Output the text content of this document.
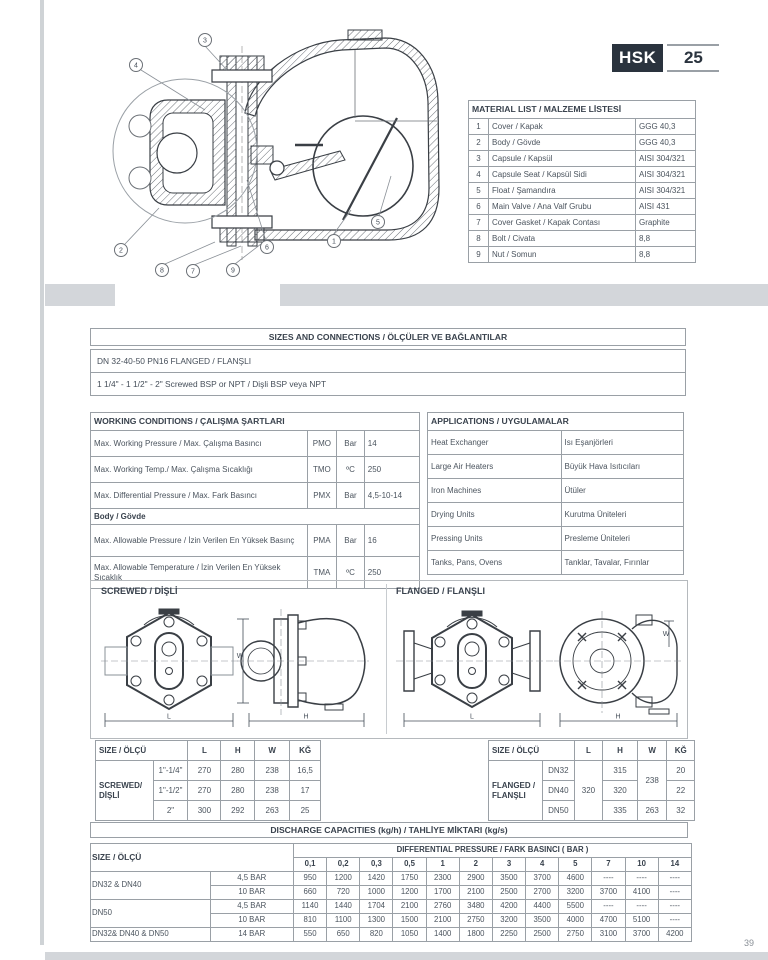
3
4
2
8	7	9
6
1
5
HSK	25
MATERIAL LIST / MALZEME LİSTESİ		
1	Cover / Kapak	GGG 40,3
2	Body / Gövde	GGG 40,3
3	Capsule / Kapsül	AISI 304/321
4	Capsule Seat / Kapsül Sidi	AISI 304/321
5	Float / Şamandıra	AISI 304/321
6	Main Valve / Ana Valf Grubu	AISI 431
7	Cover Gasket / Kapak Contası	Graphite
8	Bolt / Civata	8,8
9	Nut / Somun	8,8
SIZES AND CONNECTIONS / ÖLÇÜLER VE BAĞLANTILAR
DN 32-40-50 PN16 FLANGED / FLANŞLI
1 1/4" - 1 1/2" - 2" Screwed BSP or NPT / Dişli BSP veya NPT
WORKING CONDITIONS / ÇALIŞMA ŞARTLARI			
Max. Working Pressure / Max. Çalışma Basıncı	PMO	Bar	14
Max. Working Temp./ Max. Çalışma Sıcaklığı	TMO	ºC	250
Max. Differential Pressure / Max. Fark Basıncı	PMX	Bar	4,5-10-14
Body / Gövde			
Max. Allowable Pressure / İzin Verilen En Yüksek Basınç	PMA	Bar	16
Max. Allowable Temperature / İzin Verilen En Yüksek Sıcaklık	TMA	ºC	250
APPLICATIONS / UYGULAMALAR	
Heat Exchanger	Isı Eşanjörleri
Large Air Heaters	Büyük Hava Isıtıcıları
Iron Machines	Ütüler
Drying Units	Kurutma Üniteleri
Pressing Units	Presleme Üniteleri
Tanks, Pans, Ovens	Tanklar, Tavalar, Fırınlar
SCREWED / DİŞLİ	FLANGED / FLANŞLI
L	H
W
L	H
W
SIZE / ÖLÇÜ		L	H	W	KĞ
SCREWED/ DİŞLİ	1"-1/4"	270	280	238	16,5
	1"-1/2"	270	280	238	17
	2"	300	292	263	25
SIZE / ÖLÇÜ		L	H	W	KĞ
FLANGED / FLANŞLI	DN32	320	315	238	20
	DN40		320		22
	DN50		335	263	32
DISCHARGE CAPACITIES (kg/h) / TAHLİYE MİKTARI (kg/s)
SIZE / ÖLÇÜ		DIFFERENTIAL PRESSURE / FARK BASINCI ( BAR )											
		0,1	0,2	0,3	0,5	1	2	3	4	5	7	10	14
DN32 & DN40	4,5 BAR	950	1200	1420	1750	2300	2900	3500	3700	4600	----	----	----
	10 BAR	660	720	1000	1200	1700	2100	2500	2700	3200	3700	4100	----
DN50	4,5 BAR	1140	1440	1704	2100	2760	3480	4200	4400	5500	----	----	----
	10 BAR	810	1100	1300	1500	2100	2750	3200	3500	4000	4700	5100	----
DN32& DN40 & DN50	14 BAR	550	650	820	1050	1400	1800	2250	2500	2750	3100	3700	4200
39
